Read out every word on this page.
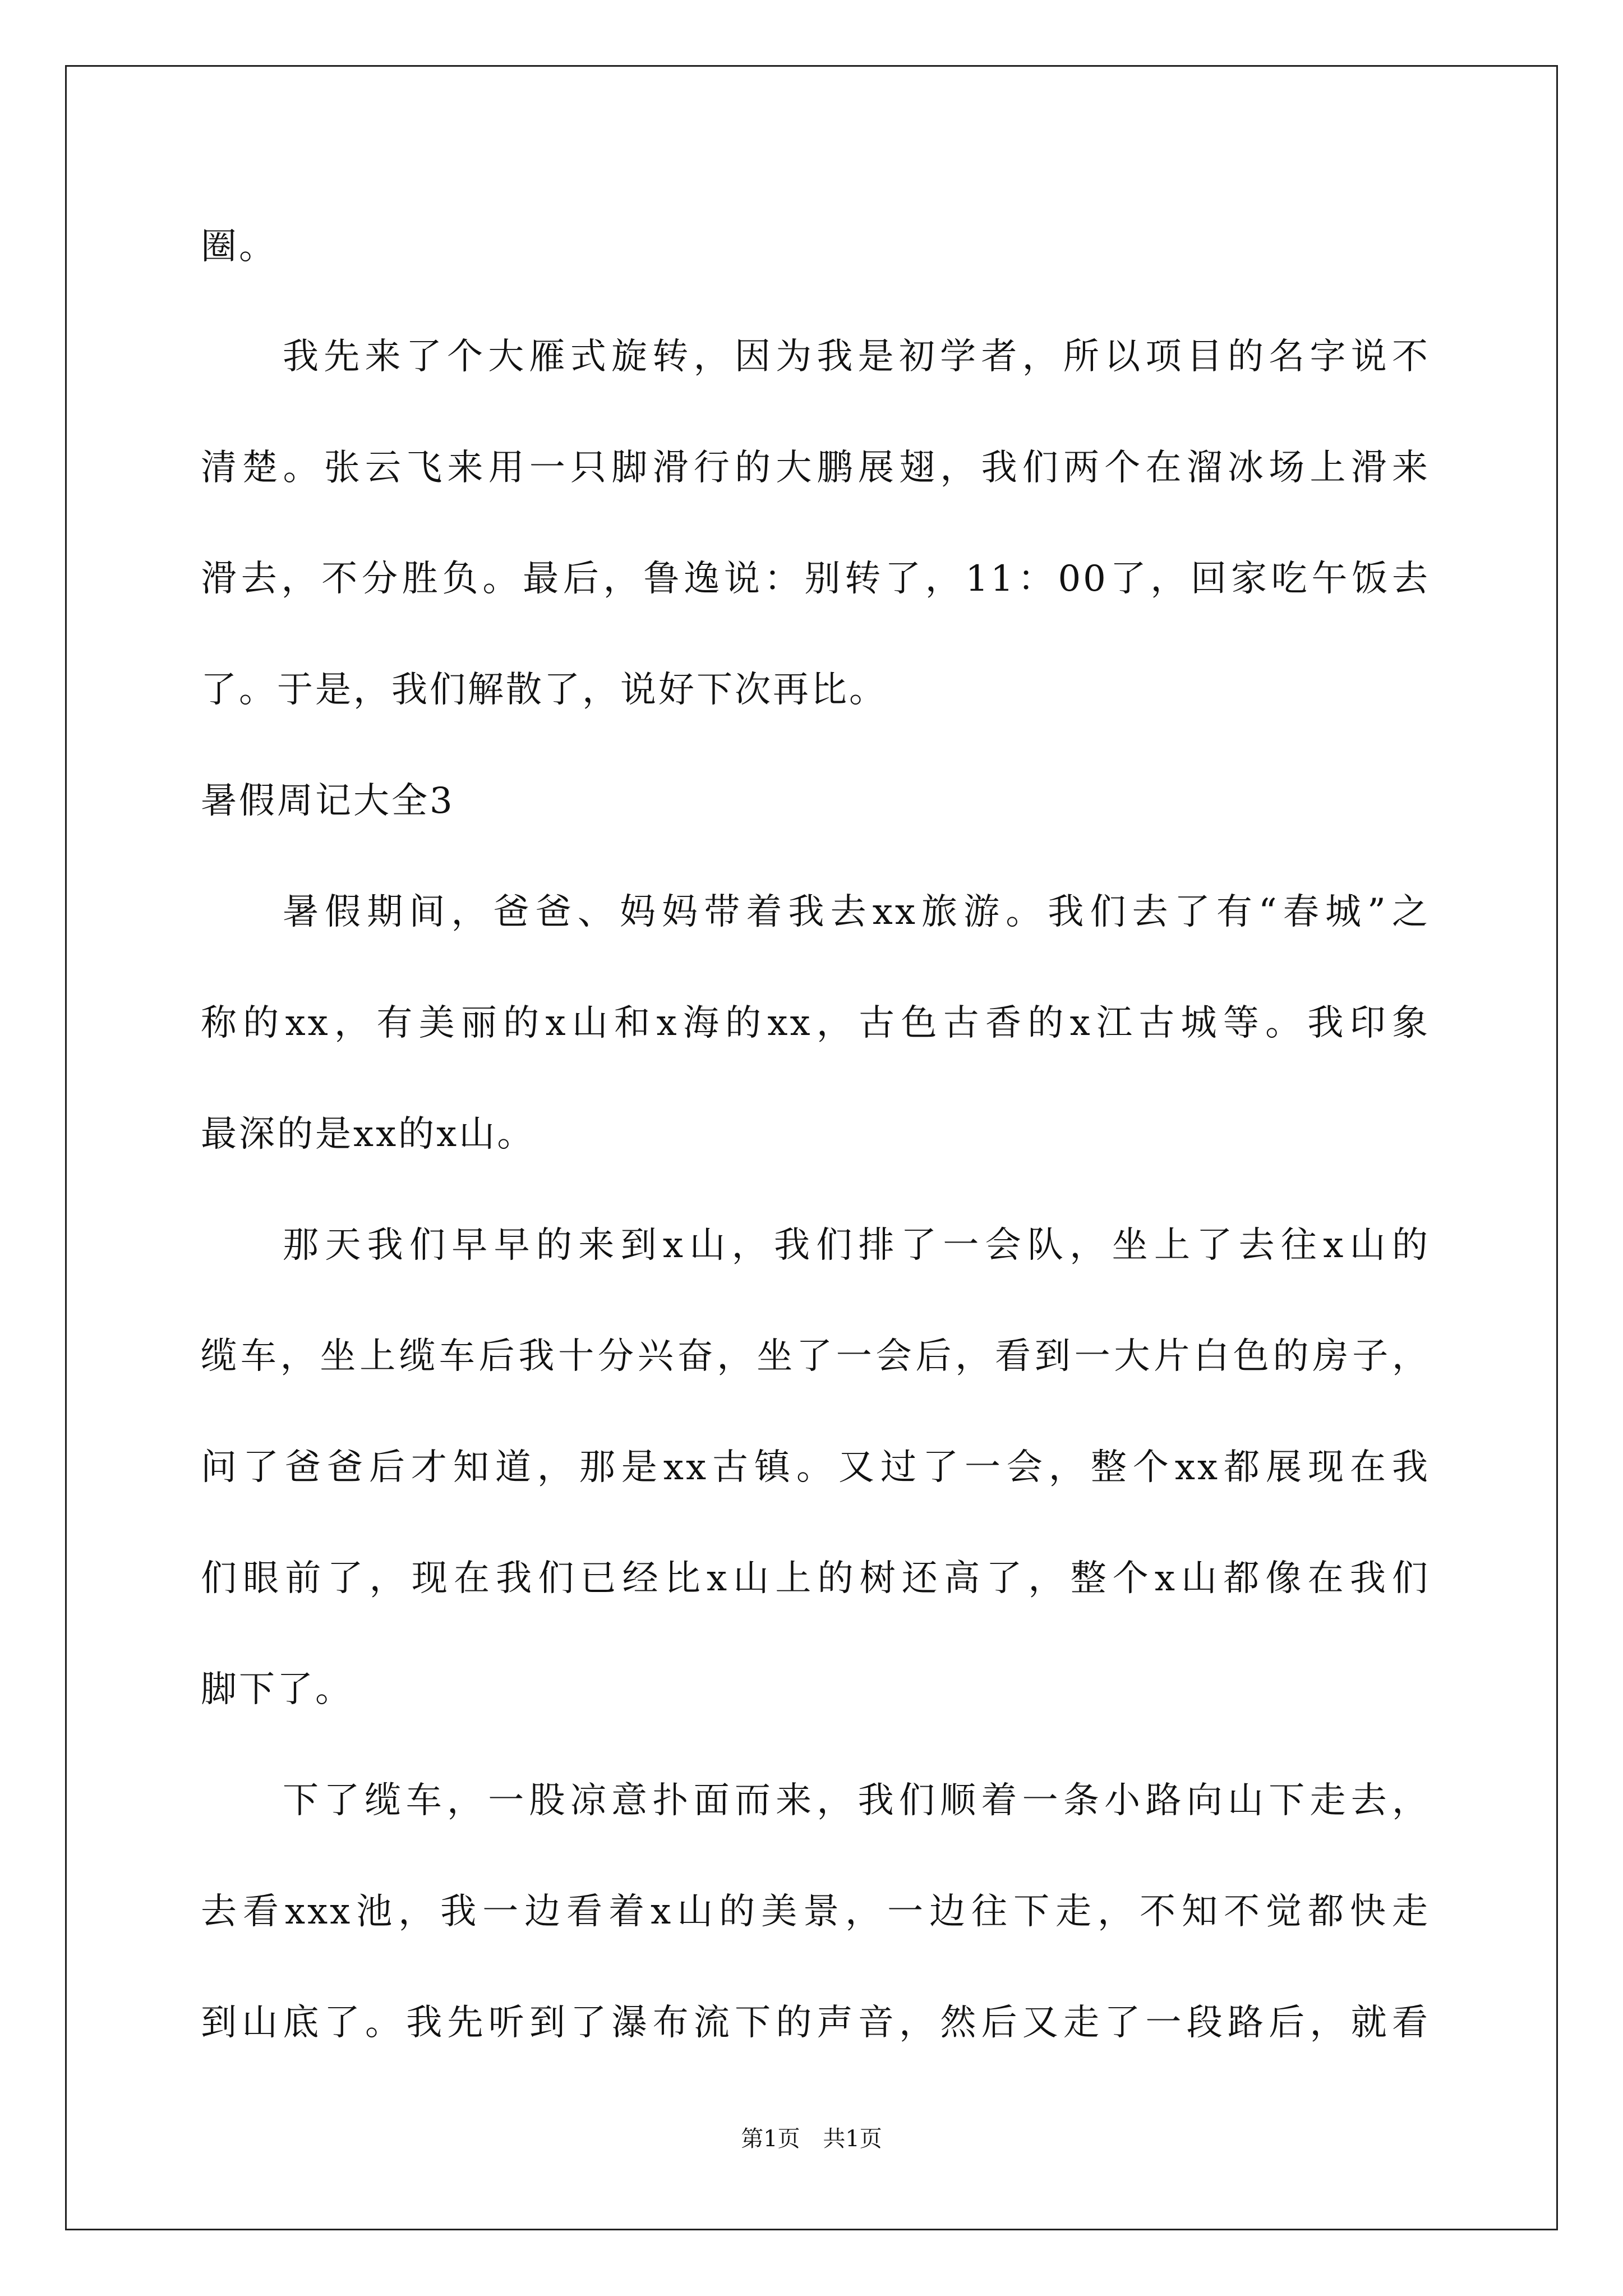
圈。
我先来了个大雁式旋转，因为我是初学者，所以项目的名字说不
清楚。张云飞来用一只脚滑行的大鹏展翅，我们两个在溜冰场上滑来
滑去，不分胜负。最后，鲁逸说：别转了，11：00了，回家吃午饭去
了。于是，我们解散了，说好下次再比。
暑假周记大全3
暑假期间，爸爸、妈妈带着我去xx旅游。我们去了有“春城”之
称的xx，有美丽的x山和x海的xx，古色古香的x江古城等。我印象
最深的是xx的x山。
那天我们早早的来到x山，我们排了一会队，坐上了去往x山的
缆车，坐上缆车后我十分兴奋，坐了一会后，看到一大片白色的房子，
问了爸爸后才知道，那是xx古镇。又过了一会，整个xx都展现在我
们眼前了，现在我们已经比x山上的树还高了，整个x山都像在我们
脚下了。
下了缆车，一股凉意扑面而来，我们顺着一条小路向山下走去，
去看xxx池，我一边看着x山的美景，一边往下走，不知不觉都快走
到山底了。我先听到了瀑布流下的声音，然后又走了一段路后，就看
第1页 共1页
